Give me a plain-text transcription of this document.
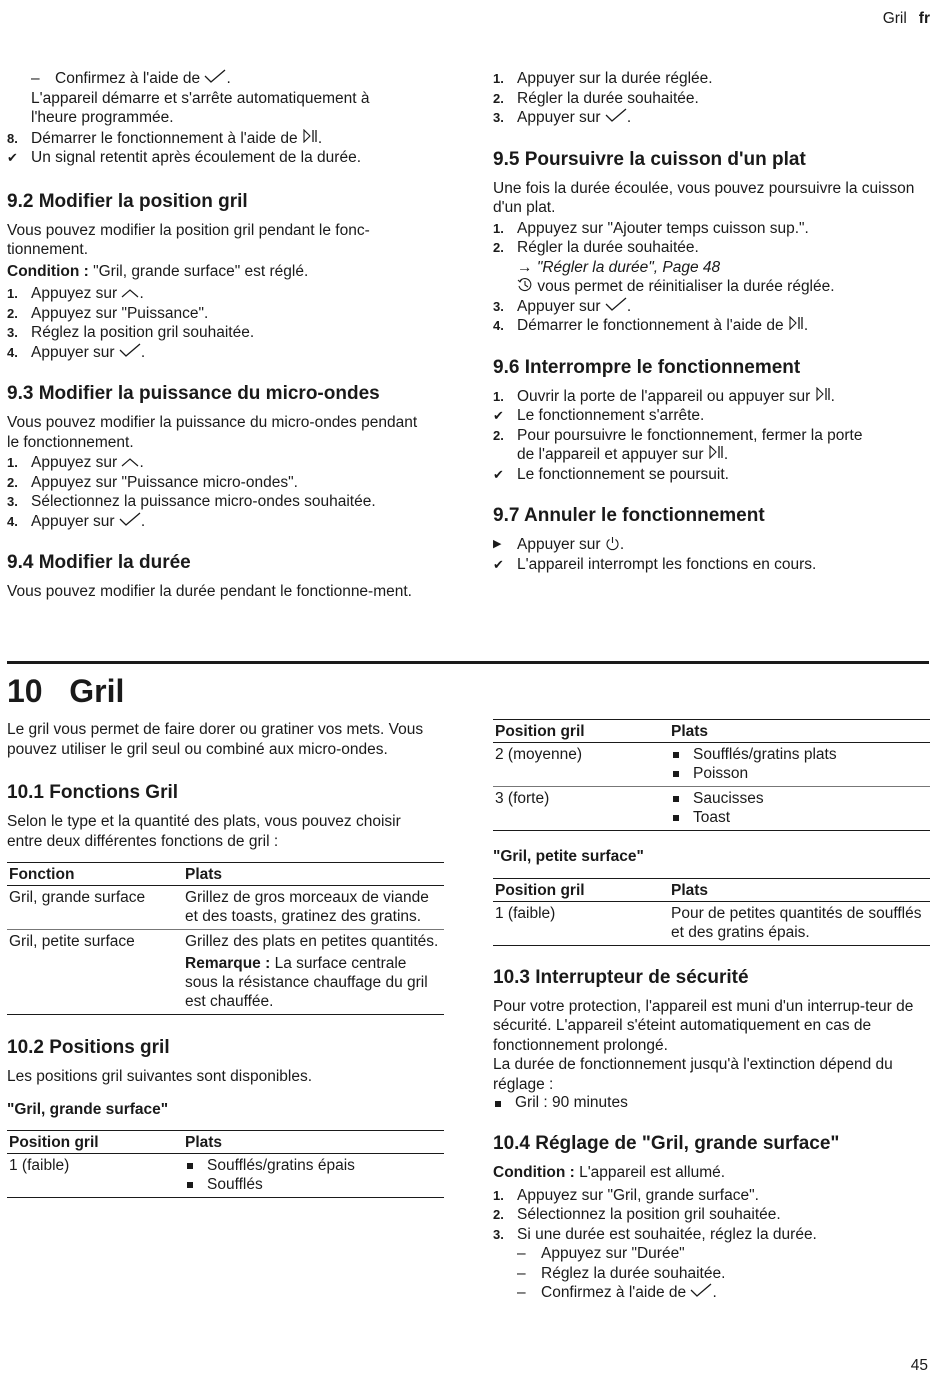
Gril fr
– Confirmez à l'aide de .
L'appareil démarre et s'arrête automatiquement à
l'heure programmée.
8. Démarrer le fonctionnement à l'aide de .
✔ Un signal retentit après écoulement de la durée.
9.2 Modifier la position gril

Vous pouvez modifier la position gril pendant le fonc-tionnement.

Condition : "Gril, grande surface" est réglé.

1. Appuyez sur .
2. Appuyez sur "Puissance".
3. Réglez la position gril souhaitée.
4. Appuyer sur .
9.3 Modifier la puissance du micro-ondes

Vous pouvez modifier la puissance du micro-ondes pendant le fonctionnement.

1. Appuyez sur .
2. Appuyez sur "Puissance micro-ondes".
3. Sélectionnez la puissance micro-ondes souhaitée.
4. Appuyer sur .
9.4 Modifier la durée

Vous pouvez modifier la durée pendant le fonctionne-ment.

1. Appuyer sur la durée réglée.
2. Régler la durée souhaitée.
3. Appuyer sur .
9.5 Poursuivre la cuisson d'un plat

Une fois la durée écoulée, vous pouvez poursuivre la cuisson d'un plat.

1. Appuyez sur "Ajouter temps cuisson sup.".
2. Régler la durée souhaitée.
→ "Régler la durée", Page 48
vous permet de réinitialiser la durée réglée.
3. Appuyer sur .
4. Démarrer le fonctionnement à l'aide de .
9.6 Interrompre le fonctionnement
1. Ouvrir la porte de l'appareil ou appuyer sur .
✔ Le fonctionnement s'arrête.
2. Pour poursuivre le fonctionnement, fermer la porte
de l'appareil et appuyer sur .
✔ Le fonctionnement se poursuit.
9.7 Annuler le fonctionnement
▶ Appuyer sur .
✔ L'appareil interrompt les fonctions en cours.
10   Gril

Le gril vous permet de faire dorer ou gratiner vos mets. Vous pouvez utiliser le gril seul ou combiné aux micro-ondes.

10.1 Fonctions Gril

Selon le type et la quantité des plats, vous pouvez choisir entre deux différentes fonctions de gril :

Fonction	Plats
Gril, grande surface	Grillez de gros morceaux de viande et des toasts, gratinez des gratins.
Gril, petite surface	Grillez des plats en petites quantités.
Remarque : La surface centrale sous la résistance chauffage du gril est chauffée.
10.2 Positions gril

Les positions gril suivantes sont disponibles.

"Gril, grande surface"

Position gril	Plats
1 (faible)	Soufflés/gratins épais
Soufflés
Position gril	Plats
2 (moyenne)	Soufflés/gratins plats
Poisson

3 (forte)	Saucisses
Toast

"Gril, petite surface"

Position gril	Plats
1 (faible)	Pour de petites quantités de soufflés et des gratins épais.
10.3 Interrupteur de sécurité

Pour votre protection, l'appareil est muni d'un interrup-teur de sécurité. L'appareil s'éteint automatiquement en cas de fonctionnement prolongé.

La durée de fonctionnement jusqu'à l'extinction dépend du réglage :

Gril : 90 minutes
10.4 Réglage de "Gril, grande surface"

Condition : L'appareil est allumé.

1. Appuyez sur "Gril, grande surface".
2. Sélectionnez la position gril souhaitée.
3. Si une durée est souhaitée, réglez la durée.
– Appuyez sur "Durée"
– Réglez la durée souhaitée.
– Confirmez à l'aide de .
45
